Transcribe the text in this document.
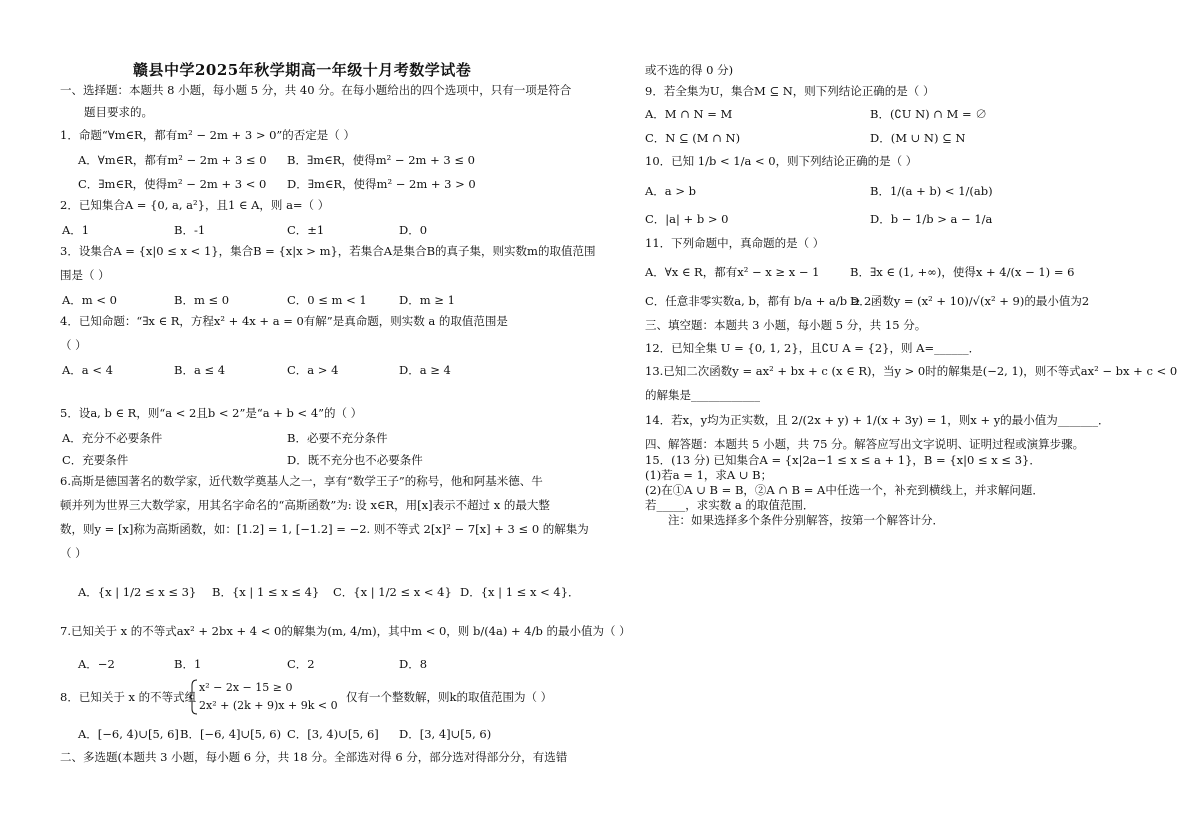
赣县中学2025年秋学期高一年级十月考数学试卷
一、选择题：本题共 8 小题，每小题 5 分，共 40 分。在每小题给出的四个选项中，只有一项是符合
题目要求的。
1．命题“∀m∈R，都有m² − 2m + 3 > 0”的否定是（ ）
A．∀m∈R，都有m² − 2m + 3 ≤ 0 B．∃m∈R，使得m² − 2m + 3 ≤ 0
C．∃m∈R，使得m² − 2m + 3 < 0 D．∃m∈R，使得m² − 2m + 3 > 0
2．已知集合A = {0, a, a²}，且1 ∈ A，则 a=（ ）
A．1	B．-1	C．±1	D．0
3．设集合A = {x|0 ≤ x < 1}，集合B = {x|x > m}，若集合A是集合B的真子集，则实数m的取值范围
围是（ ）
A．m < 0	B．m ≤ 0	C．0 ≤ m < 1	D．m ≥ 1
4．已知命题：“∃x ∈ R，方程x² + 4x + a = 0有解”是真命题，则实数 a 的取值范围是
（ ）
A．a < 4	B．a ≤ 4	C．a > 4	D．a ≥ 4
5．设a, b ∈ R，则“a < 2且b < 2”是“a + b < 4”的（ ）
A．充分不必要条件	B．必要不充分条件
C．充要条件	D．既不充分也不必要条件
6.高斯是德国著名的数学家，近代数学奠基人之一，享有“数学王子”的称号，他和阿基米德、牛
顿并列为世界三大数学家，用其名字命名的“高斯函数”为: 设 x∈R，用[x]表示不超过 x 的最大整
数，则y = [x]称为高斯函数，如：[1.2] = 1, [−1.2] = −2. 则不等式 2[x]² − 7[x] + 3 ≤ 0 的解集为
（ ）
A．{x | 1/2 ≤ x ≤ 3} B．{x | 1 ≤ x ≤ 4} C．{x | 1/2 ≤ x < 4} D．{x | 1 ≤ x < 4}．
7.已知关于 x 的不等式ax² + 2bx + 4 < 0的解集为(m, 4/m)，其中m < 0，则 b/(4a) + 4/b 的最小值为（ ）
A．−2	B．1	C．2	D．8
8．已知关于 x 的不等式组
x² − 2x − 15 ≥ 0
2x² + (2k + 9)x + 9k < 0
仅有一个整数解，则k的取值范围为（ ）
A．[−6, 4)∪[5, 6] B．[−6, 4]∪[5, 6) C．[3, 4)∪[5, 6] D．[3, 4]∪[5, 6)
二、多选题(本题共 3 小题，每小题 6 分，共 18 分。全部选对得 6 分，部分选对得部分分，有选错
或不选的得 0 分)
9．若全集为U，集合M ⊆ N，则下列结论正确的是（ ）
A．M ∩ N = M	B．(∁U N) ∩ M = ∅
C．N ⊆ (M ∩ N)	D．(M ∪ N) ⊆ N
10．已知 1/b < 1/a < 0，则下列结论正确的是（ ）
A．a > b	B．1/(a + b) < 1/(ab)
C．|a| + b > 0	D．b − 1/b > a − 1/a
11．下列命题中，真命题的是（ ）
A．∀x ∈ R，都有x² − x ≥ x − 1	B．∃x ∈ (1, +∞)，使得x + 4/(x − 1) = 6
C．任意非零实数a, b，都有 b/a + a/b ≥ 2
D．函数y = (x² + 10)/√(x² + 9)的最小值为2
三、填空题：本题共 3 小题，每小题 5 分，共 15 分。
12．已知全集 U = {0, 1, 2}，且∁U A = {2}，则 A=______．
13.已知二次函数y = ax² + bx + c (x ∈ R)，当y > 0时的解集是(−2, 1)，则不等式ax² − bx + c < 0
的解集是____________
14．若x，y均为正实数，且 2/(2x + y) + 1/(x + 3y) = 1，则x + y的最小值为_______．
四、解答题：本题共 5 小题，共 75 分。解答应写出文字说明、证明过程或演算步骤。
15．(13 分) 已知集合A = {x|2a−1 ≤ x ≤ a + 1}，B = {x|0 ≤ x ≤ 3}．
(1)若a = 1，求A ∪ B；
(2)在①A ∪ B = B，②A ∩ B = A中任选一个，补充到横线上，并求解问题．
若_____，求实数 a 的取值范围．
注：如果选择多个条件分别解答，按第一个解答计分．
